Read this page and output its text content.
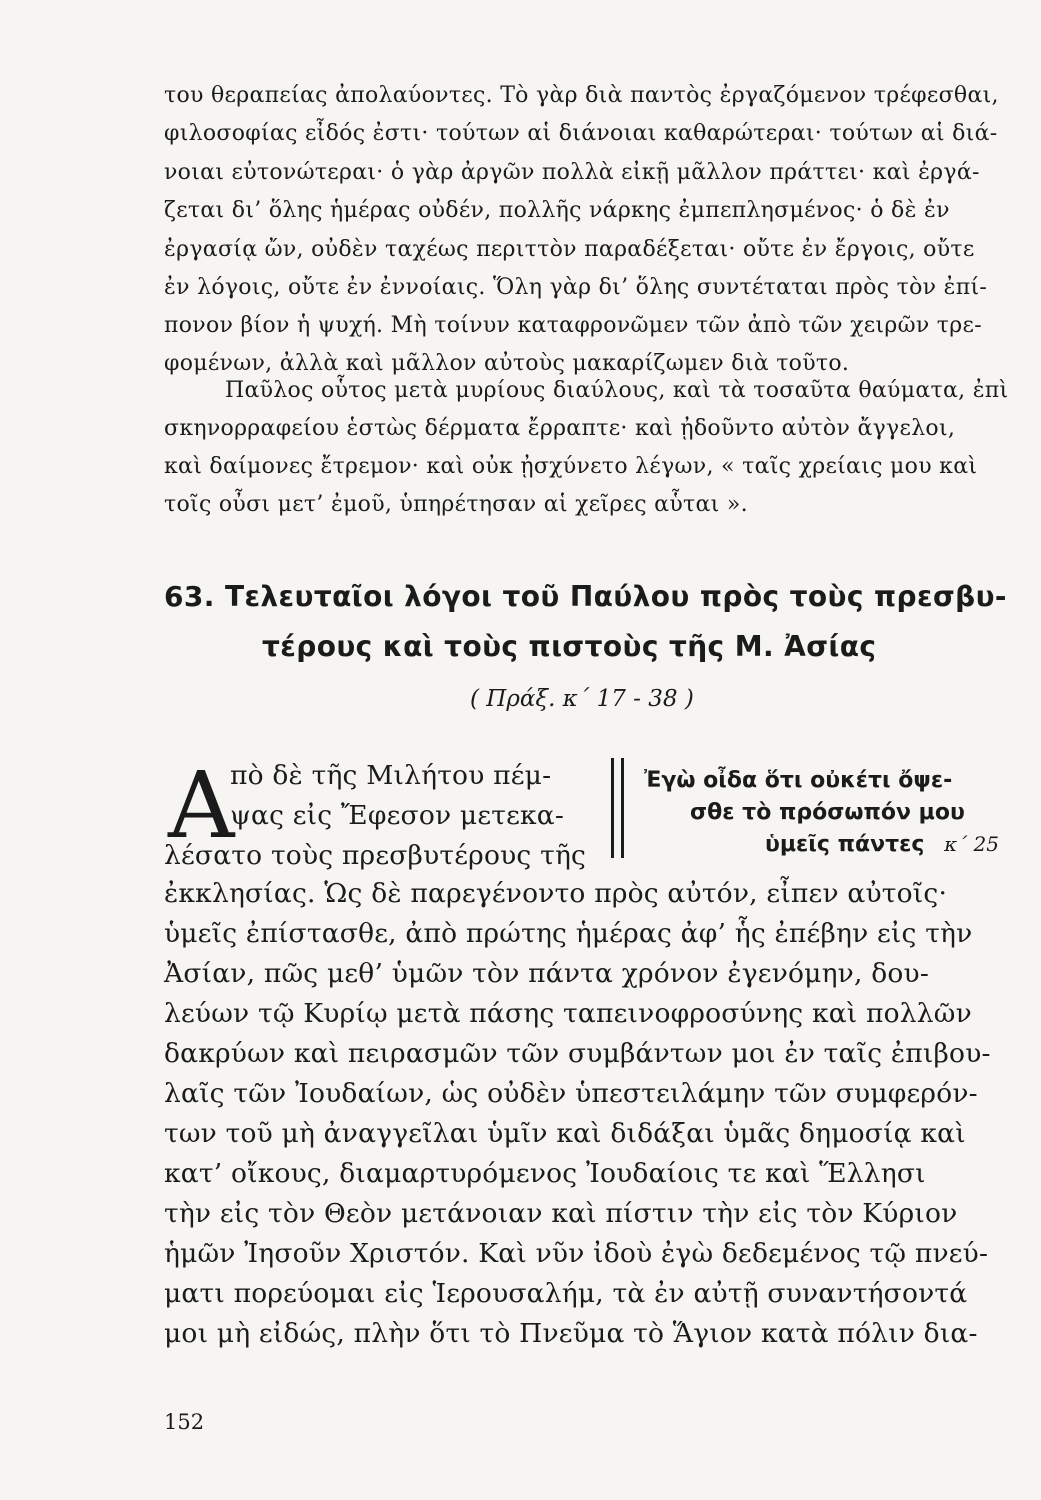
του θεραπείας ἀπολαύοντες. Τὸ γὰρ διὰ παντὸς ἐργαζόμενον τρέφεσθαι,
φιλοσοφίας εἶδός ἐστι· τούτων αἱ διάνοιαι καθαρώτεραι· τούτων αἱ διά-
νοιαι εὐτονώτεραι· ὁ γὰρ ἀργῶν πολλὰ εἰκῇ μᾶλλον πράττει· καὶ ἐργά-
ζεται δι’ ὅλης ἡμέρας οὐδέν, πολλῆς νάρκης ἐμπεπλησμένος· ὁ δὲ ἐν
ἐργασίᾳ ὤν, οὐδὲν ταχέως περιττὸν παραδέξεται· οὔτε ἐν ἔργοις, οὔτε
ἐν λόγοις, οὔτε ἐν ἐννοίαις. Ὅλη γὰρ δι’ ὅλης συντέταται πρὸς τὸν ἐπί-
πονον βίον ἡ ψυχή. Μὴ τοίνυν καταφρονῶμεν τῶν ἀπὸ τῶν χειρῶν τρε-
φομένων, ἀλλὰ καὶ μᾶλλον αὐτοὺς μακαρίζωμεν διὰ τοῦτο.
Παῦλος οὗτος μετὰ μυρίους διαύλους, καὶ τὰ τοσαῦτα θαύματα, ἐπὶ
σκηνορραφείου ἑστὼς δέρματα ἔρραπτε· καὶ ᾐδοῦντο αὐτὸν ἄγγελοι,
καὶ δαίμονες ἔτρεμον· καὶ οὐκ ᾐσχύνετο λέγων, « ταῖς χρείαις μου καὶ
τοῖς οὖσι μετ’ ἐμοῦ, ὑπηρέτησαν αἱ χεῖρες αὗται ».
63. Τελευταῖοι λόγοι τοῦ Παύλου πρὸς τοὺς πρεσβυ-
τέρους καὶ τοὺς πιστοὺς τῆς Μ. Ἀσίας
( Πράξ. κ΄ 17 - 38 )
Α
πὸ δὲ τῆς Μιλήτου πέμ-
ψας εἰς Ἔφεσον μετεκα-
λέσατο τοὺς πρεσβυτέρους τῆς
Ἐγὼ οἶδα ὅτι οὐκέτι ὄψε-
σθε τὸ πρόσωπόν μου
ὑμεῖς πάντες κ΄ 25
ἐκκλησίας. Ὡς δὲ παρεγένοντο πρὸς αὐτόν, εἶπεν αὐτοῖς·
ὑμεῖς ἐπίστασθε, ἀπὸ πρώτης ἡμέρας ἀφ’ ἧς ἐπέβην εἰς τὴν
Ἀσίαν, πῶς μεθ’ ὑμῶν τὸν πάντα χρόνον ἐγενόμην, δου-
λεύων τῷ Κυρίῳ μετὰ πάσης ταπεινοφροσύνης καὶ πολλῶν
δακρύων καὶ πειρασμῶν τῶν συμβάντων μοι ἐν ταῖς ἐπιβου-
λαῖς τῶν Ἰουδαίων, ὡς οὐδὲν ὑπεστειλάμην τῶν συμφερόν-
των τοῦ μὴ ἀναγγεῖλαι ὑμῖν καὶ διδάξαι ὑμᾶς δημοσίᾳ καὶ
κατ’ οἴκους, διαμαρτυρόμενος Ἰουδαίοις τε καὶ Ἕλλησι
τὴν εἰς τὸν Θεὸν μετάνοιαν καὶ πίστιν τὴν εἰς τὸν Κύριον
ἡμῶν Ἰησοῦν Χριστόν. Καὶ νῦν ἰδοὺ ἐγὼ δεδεμένος τῷ πνεύ-
ματι πορεύομαι εἰς Ἱερουσαλήμ, τὰ ἐν αὐτῇ συναντήσοντά
μοι μὴ εἰδώς, πλὴν ὅτι τὸ Πνεῦμα τὸ Ἅγιον κατὰ πόλιν δια-
152
